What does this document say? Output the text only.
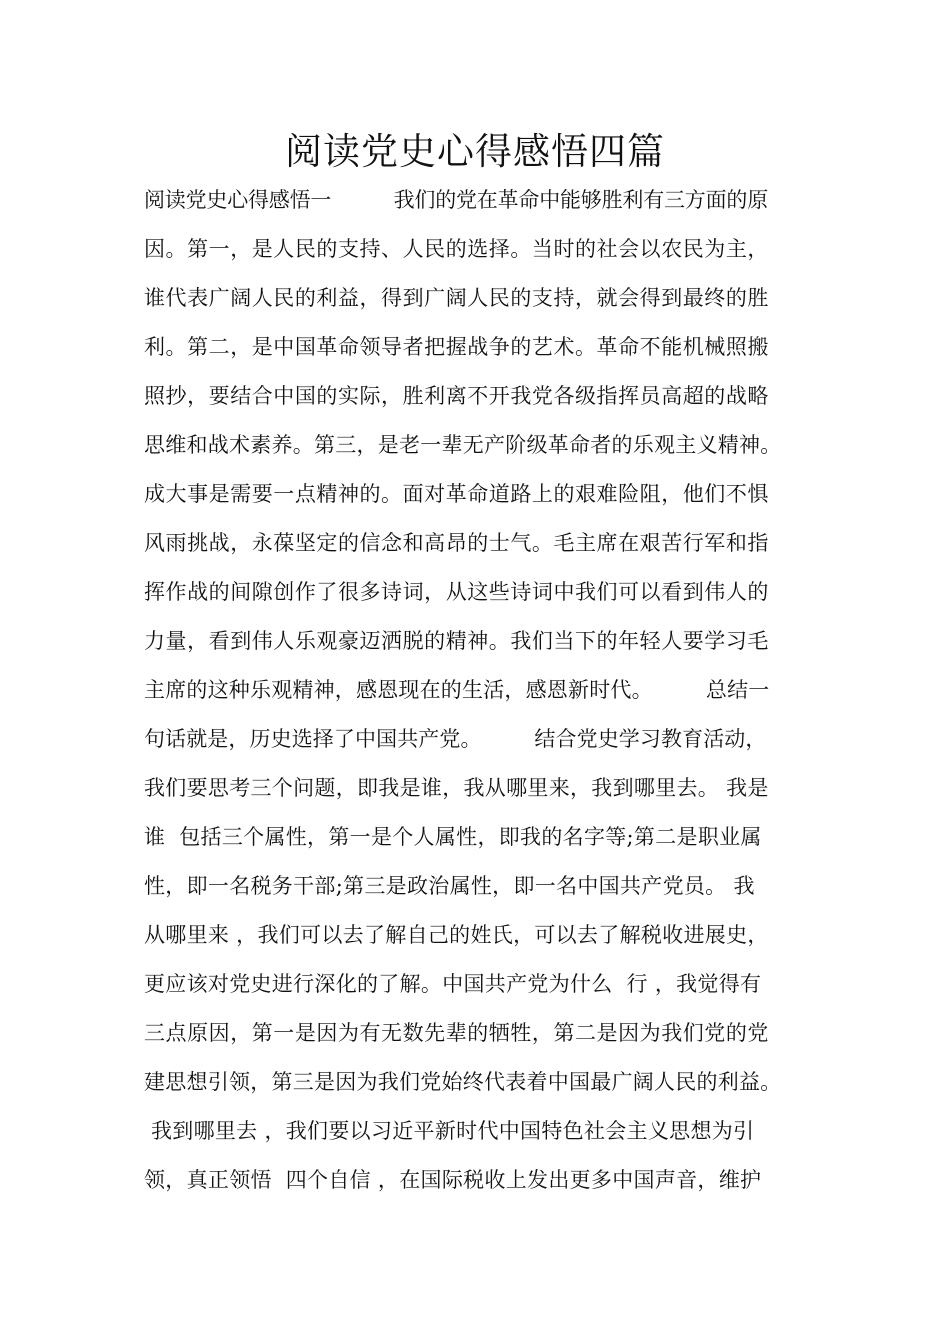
阅读党史心得感悟四篇
阅读党史心得感悟一　　　我们的党在革命中能够胜利有三方面的原
因。第一，是人民的支持、人民的选择。当时的社会以农民为主，
谁代表广阔人民的利益，得到广阔人民的支持，就会得到最终的胜
利。第二，是中国革命领导者把握战争的艺术。革命不能机械照搬
照抄，要结合中国的实际，胜利离不开我党各级指挥员高超的战略
思维和战术素养。第三，是老一辈无产阶级革命者的乐观主义精神。
成大事是需要一点精神的。面对革命道路上的艰难险阻，他们不惧
风雨挑战，永葆坚定的信念和高昂的士气。毛主席在艰苦行军和指
挥作战的间隙创作了很多诗词，从这些诗词中我们可以看到伟人的
力量，看到伟人乐观豪迈洒脱的精神。我们当下的年轻人要学习毛
主席的这种乐观精神，感恩现在的生活，感恩新时代。　　　总结一
句话就是，历史选择了中国共产党。　　　结合党史学习教育活动，
我们要思考三个问题，即我是谁，我从哪里来，我到哪里去。 我是
谁  包括三个属性，第一是个人属性，即我的名字等;第二是职业属
性，即一名税务干部;第三是政治属性，即一名中国共产党员。 我
从哪里来 ，我们可以去了解自己的姓氏，可以去了解税收进展史，
更应该对党史进行深化的了解。中国共产党为什么  行 ，我觉得有
三点原因，第一是因为有无数先辈的牺牲，第二是因为我们党的党
建思想引领，第三是因为我们党始终代表着中国最广阔人民的利益。
我到哪里去 ，我们要以习近平新时代中国特色社会主义思想为引
领，真正领悟  四个自信 ，在国际税收上发出更多中国声音，维护
